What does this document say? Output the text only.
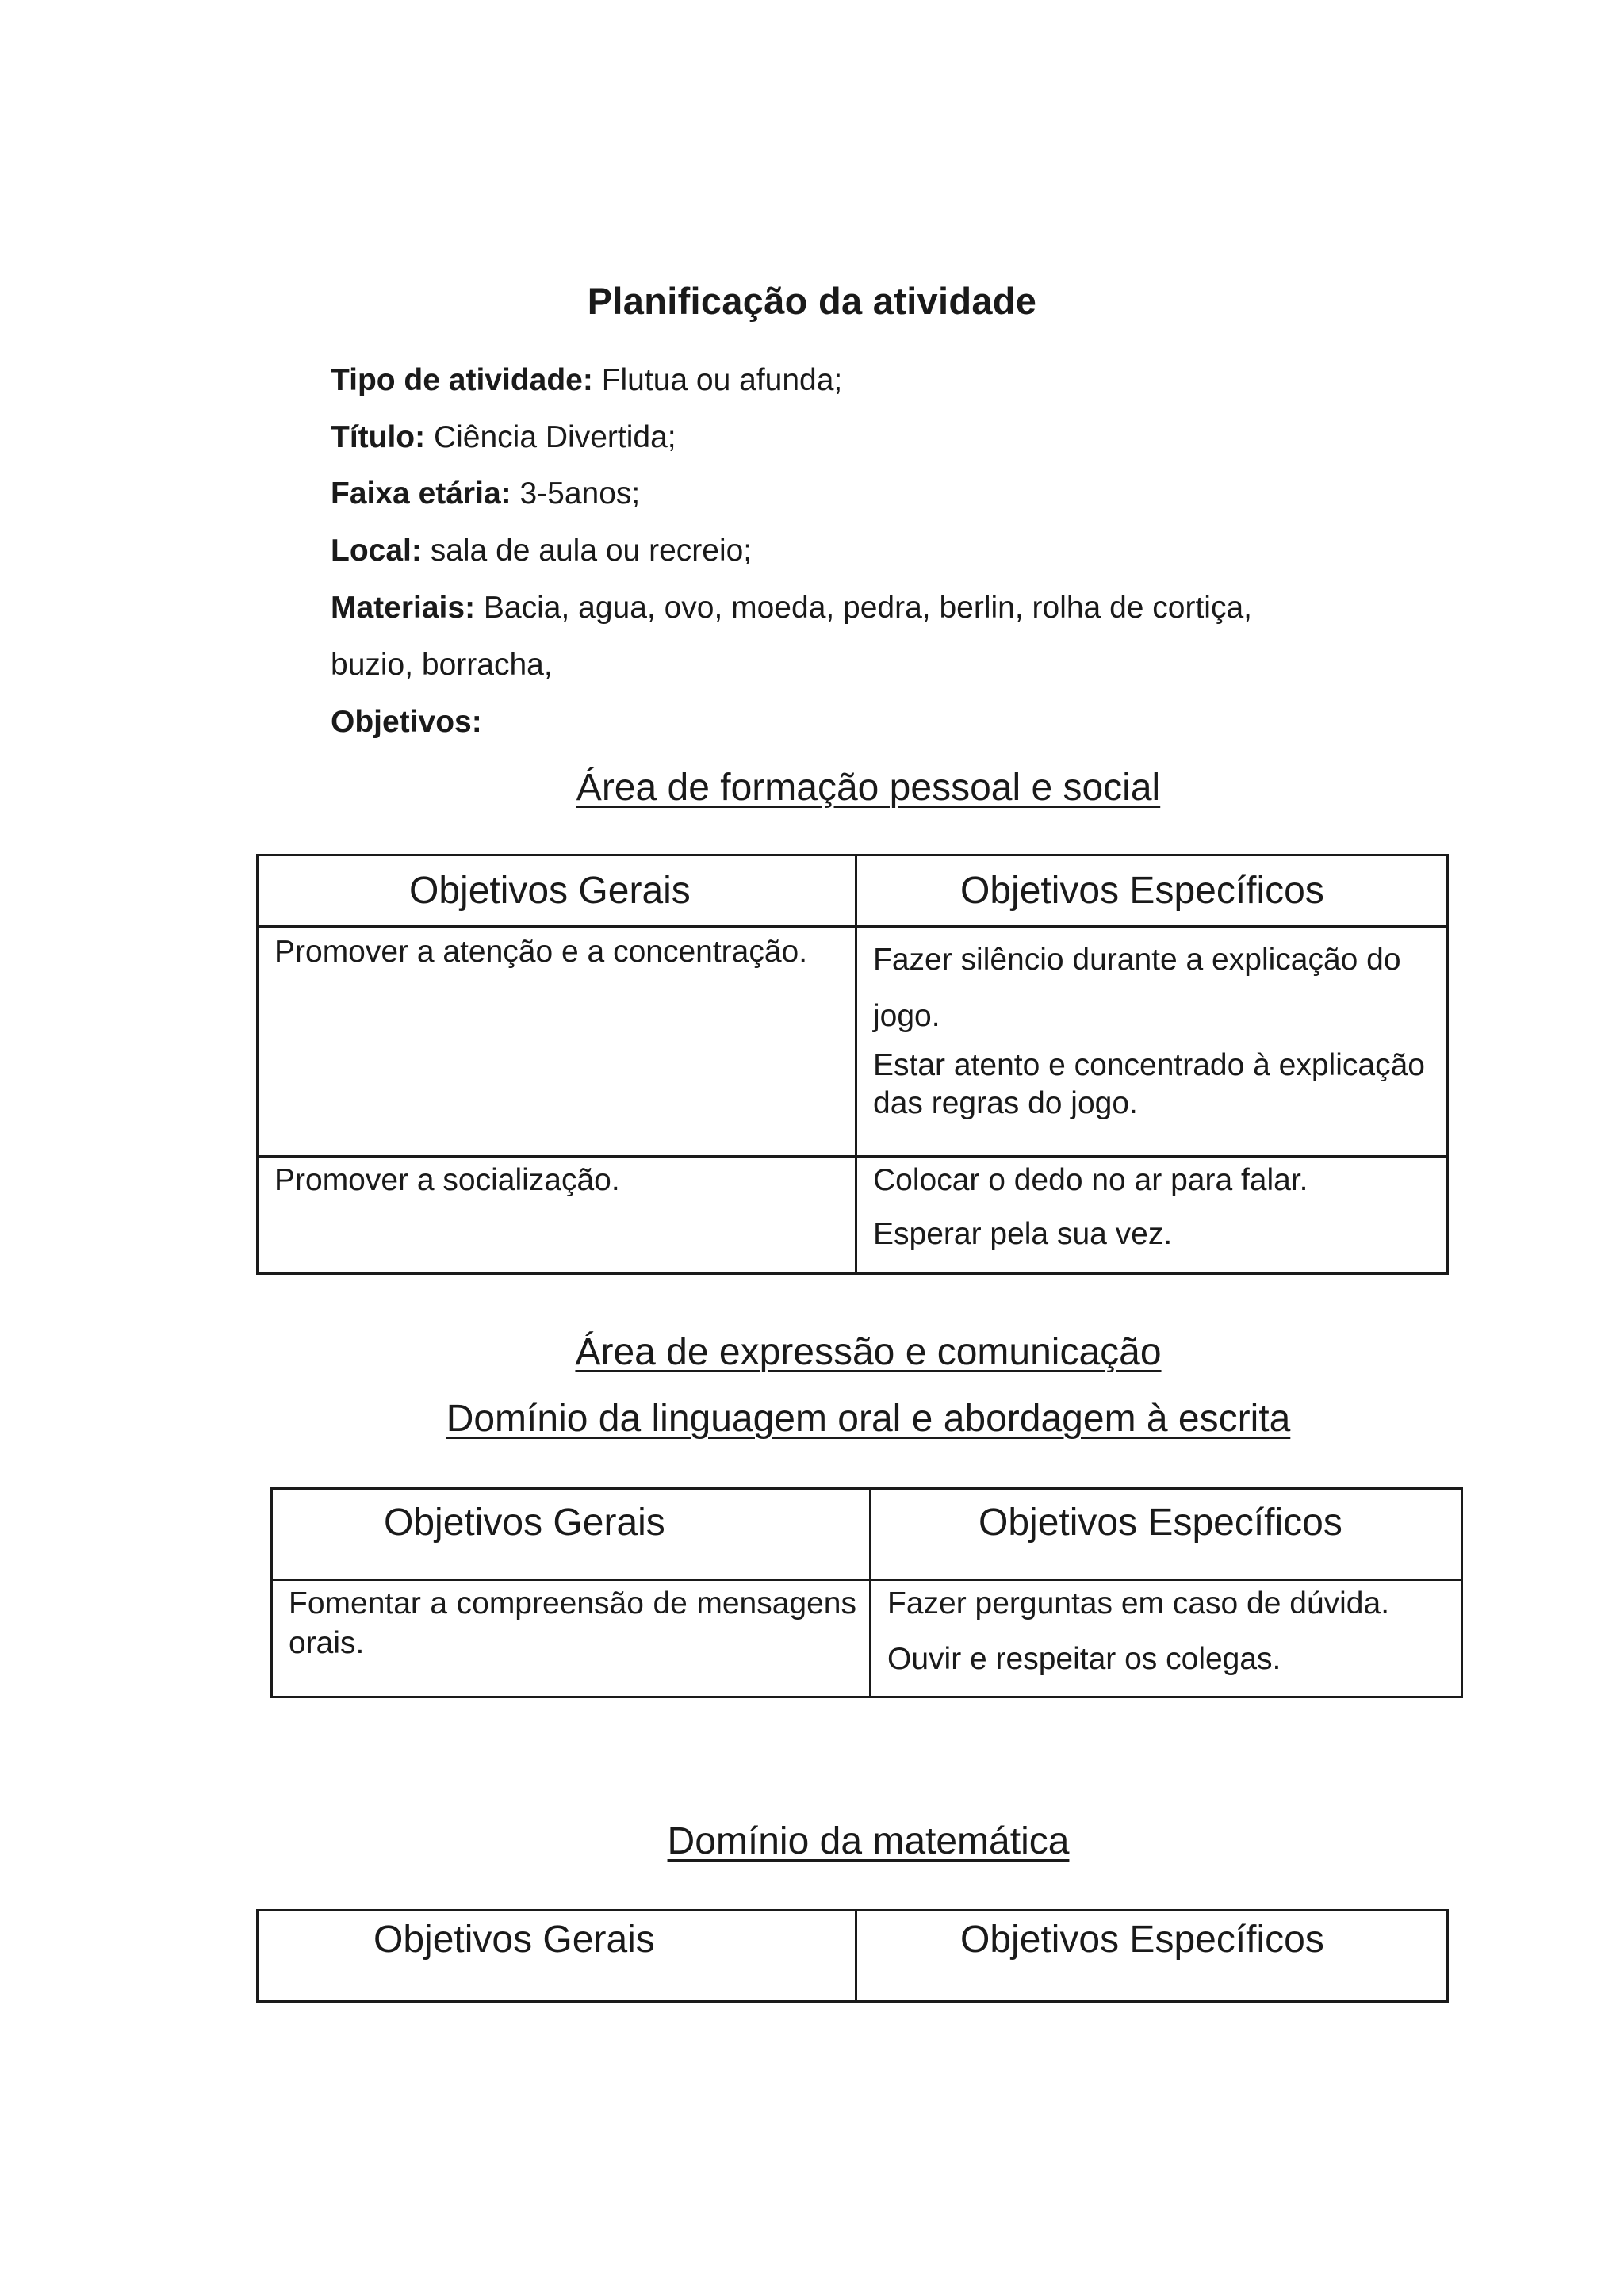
Planificação da atividade
Tipo de atividade: Flutua ou afunda;
Título: Ciência Divertida;
Faixa etária: 3-5anos;
Local: sala de aula ou recreio;
Materiais: Bacia, agua, ovo, moeda, pedra, berlin, rolha de cortiça,
buzio, borracha,
Objetivos:
Área de formação pessoal e social
Objetivos Gerais	Objetivos Específicos

Promover a atenção e a concentração.	Fazer silêncio durante a explicação do jogo.
Estar atento e concentrado à explicação das regras do jogo.

Promover a socialização.	Colocar o dedo no ar para falar.
Esperar pela sua vez.
Área de expressão e comunicação
Domínio da linguagem oral e abordagem à escrita
Objetivos Gerais	Objetivos Específicos

Fomentar a compreensão de mensagens orais.	Fazer perguntas em caso de dúvida.
Ouvir e respeitar os colegas.
Domínio da matemática
Objetivos Gerais	Objetivos Específicos
